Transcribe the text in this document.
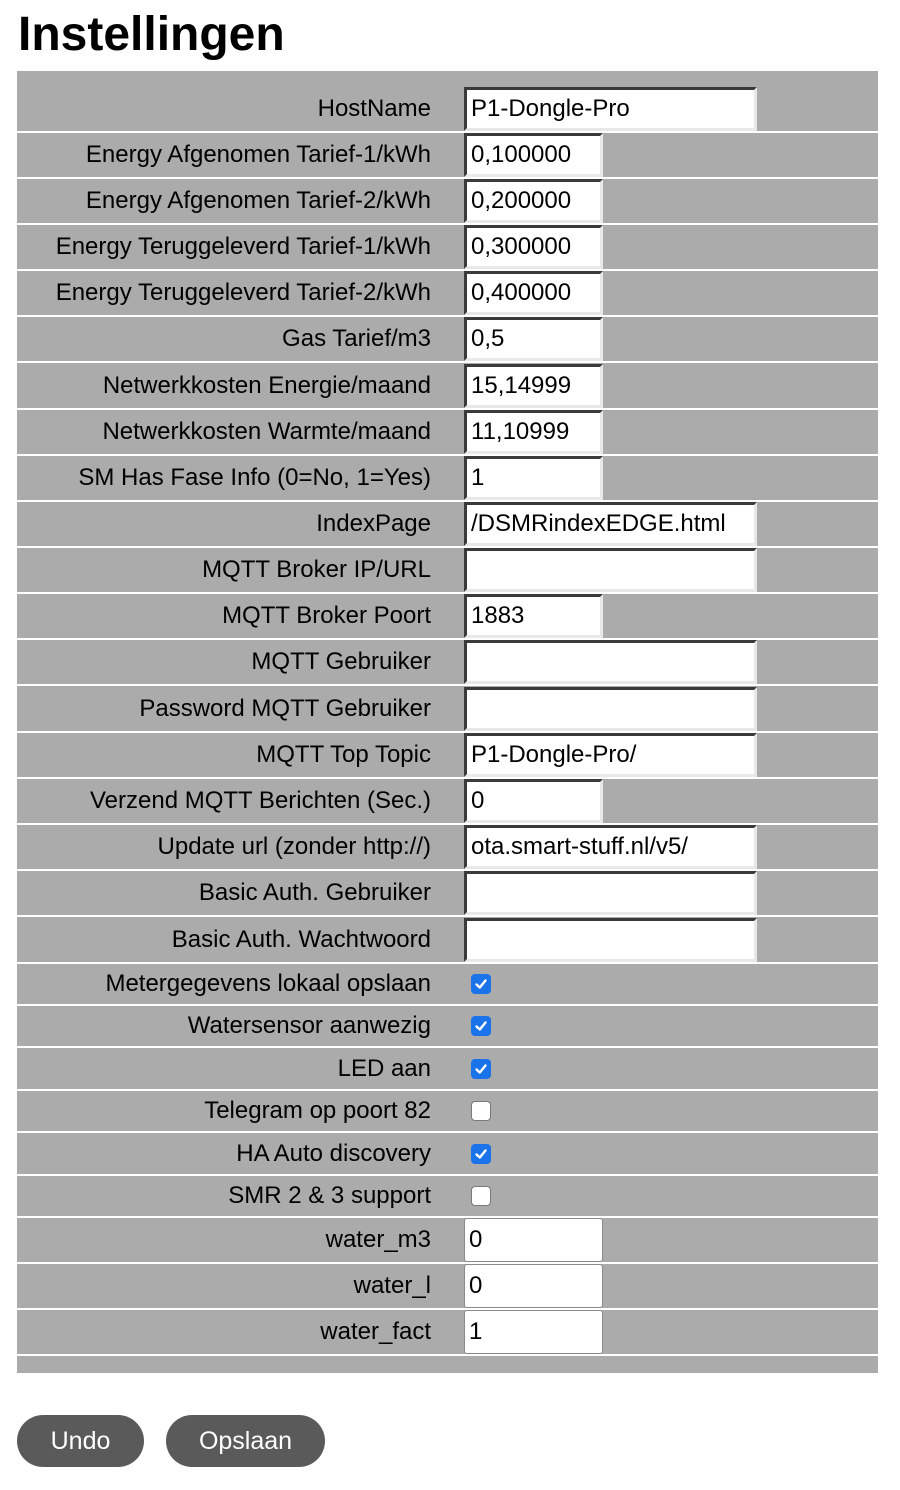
Instellingen
HostName
P1-Dongle-Pro
Energy Afgenomen Tarief-1/kWh
0,100000
Energy Afgenomen Tarief-2/kWh
0,200000
Energy Teruggeleverd Tarief-1/kWh
0,300000
Energy Teruggeleverd Tarief-2/kWh
0,400000
Gas Tarief/m3
0,5
Netwerkkosten Energie/maand
15,14999
Netwerkkosten Warmte/maand
11,10999
SM Has Fase Info (0=No, 1=Yes)
1
IndexPage
/DSMRindexEDGE.html
MQTT Broker IP/URL
MQTT Broker Poort
1883
MQTT Gebruiker
Password MQTT Gebruiker
MQTT Top Topic
P1-Dongle-Pro/
Verzend MQTT Berichten (Sec.)
0
Update url (zonder http://)
ota.smart-stuff.nl/v5/
Basic Auth. Gebruiker
Basic Auth. Wachtwoord
Metergegevens lokaal opslaan
Watersensor aanwezig
LED aan
Telegram op poort 82
HA Auto discovery
SMR 2 & 3 support
water_m3
0
water_l
0
water_fact
1
Undo	Opslaan
